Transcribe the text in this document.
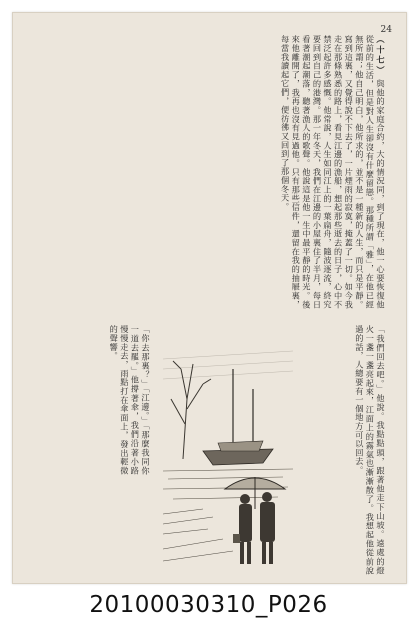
24
（十七） 與他的家庭合約，大的情況同，到了現在，他一心要恢復他從前的生活，但是對人生卻沒有什麼留戀。那種所謂「雅」，在他已經無所謂；他自己明白，他所求的，並不是一種新的人生，而只是平靜。寫到這裏，又覺得說不下去了，一片煙雨的寂寞，掩蓋了一切。如今我走在那條熟悉的路上，看見江邊的漁船，想起那些逝去的日子，心中不禁泛起許多感慨。他常說，人生如同江上的一葉扁舟，隨波逐流，終究要回到自己的港灣。那一年冬天，我們在江邊的小屋裏住了半月，每日看著潮起潮落，聽著漁人的歌聲。他說這是他一生中最平靜的時光。後來他離開了，我再也沒有見過他。只有那些信件，還留在我的抽屜裏，每當我讀起它們，便彷彿又回到了那個冬天。
「我們回去吧。」他說。我點點頭，跟著他走下山坡。遠處的燈火一盞一盞亮起來，江面上的霧氣也漸漸散了。我想起他從前說過的話，人總要有一個地方可以回去。
「你去那裏？」「江邊。」「那麼我同你一道去罷。」他撐著傘，我們沿著小路慢慢走去，雨點打在傘面上，發出輕微的聲響。
20100030310_P026
